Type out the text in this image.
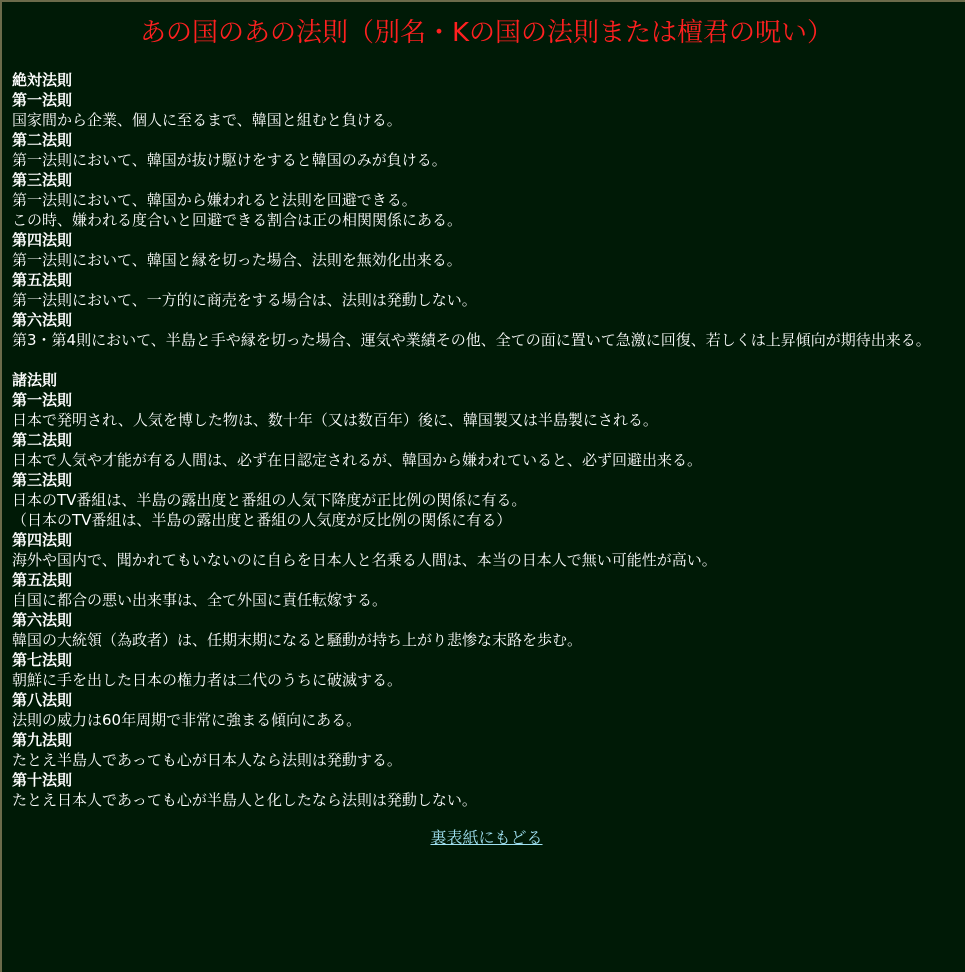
あの国のあの法則（別名・Kの国の法則または檀君の呪い）
絶対法則
第一法則
国家間から企業、個人に至るまで、韓国と組むと負ける。
第二法則
第一法則において、韓国が抜け駆けをすると韓国のみが負ける。
第三法則
第一法則において、韓国から嫌われると法則を回避できる。
この時、嫌われる度合いと回避できる割合は正の相関関係にある。
第四法則
第一法則において、韓国と縁を切った場合、法則を無効化出来る。
第五法則
第一法則において、一方的に商売をする場合は、法則は発動しない。
第六法則
第3・第4則において、半島と手や縁を切った場合、運気や業績その他、全ての面に置いて急激に回復、若しくは上昇傾向が期待出来る。
諸法則
第一法則
日本で発明され、人気を博した物は、数十年（又は数百年）後に、韓国製又は半島製にされる。
第二法則
日本で人気や才能が有る人間は、必ず在日認定されるが、韓国から嫌われていると、必ず回避出来る。
第三法則
日本のTV番組は、半島の露出度と番組の人気下降度が正比例の関係に有る。
（日本のTV番組は、半島の露出度と番組の人気度が反比例の関係に有る）
第四法則
海外や国内で、聞かれてもいないのに自らを日本人と名乗る人間は、本当の日本人で無い可能性が高い。
第五法則
自国に都合の悪い出来事は、全て外国に責任転嫁する。
第六法則
韓国の大統領（為政者）は、任期末期になると騒動が持ち上がり悲惨な末路を歩む。
第七法則
朝鮮に手を出した日本の権力者は二代のうちに破滅する。
第八法則
法則の威力は60年周期で非常に強まる傾向にある。
第九法則
たとえ半島人であっても心が日本人なら法則は発動する。
第十法則
たとえ日本人であっても心が半島人と化したなら法則は発動しない。
裏表紙にもどる
